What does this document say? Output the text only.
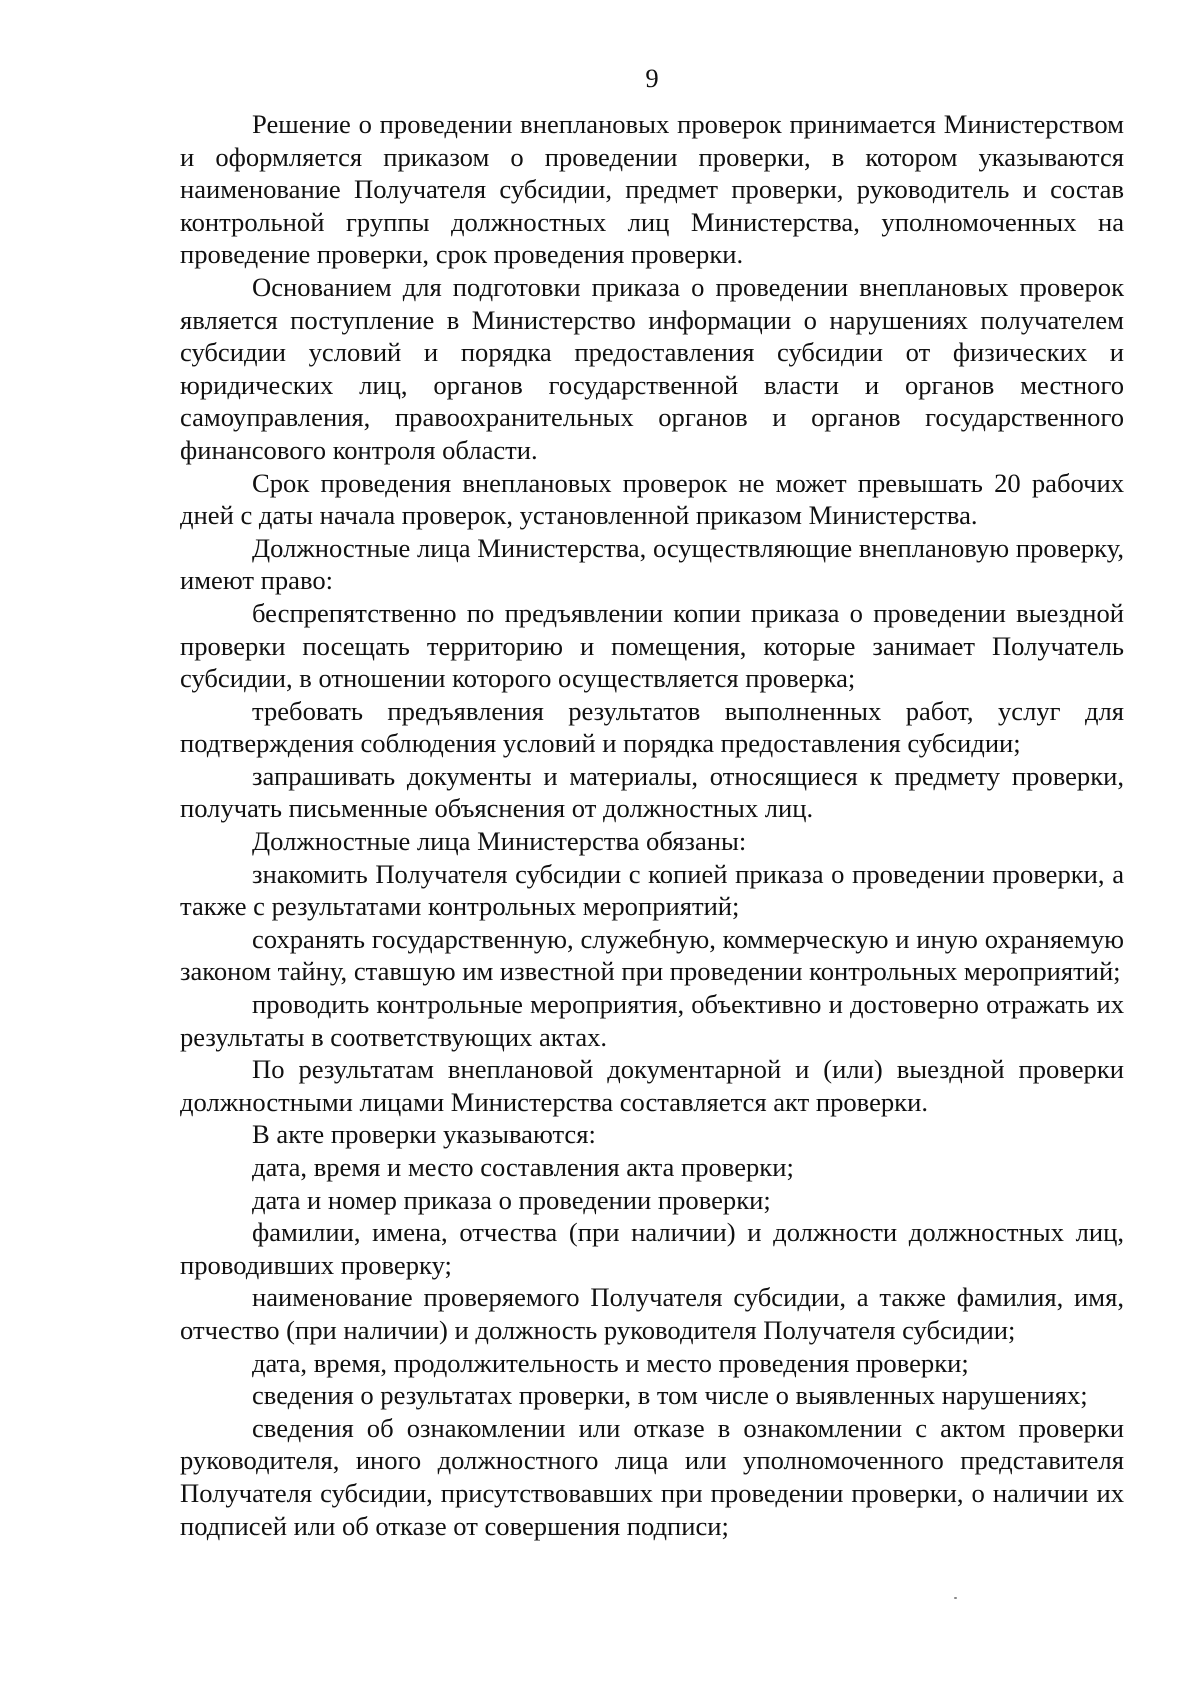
9

Решение о проведении внеплановых проверок принимается Министерством и оформляется приказом о проведении проверки, в котором указываются наименование Получателя субсидии, предмет проверки, руководитель и состав контрольной группы должностных лиц Министерства, уполномоченных на проведение проверки, срок проведения проверки.

Основанием для подготовки приказа о проведении внеплановых проверок является поступление в Министерство информации о нарушениях получателем субсидии условий и порядка предоставления субсидии от физических и юридических лиц, органов государственной власти и органов местного самоуправления, правоохранительных органов и органов государственного финансового контроля области.

Срок проведения внеплановых проверок не может превышать 20 рабочих дней с даты начала проверок, установленной приказом Министерства.

Должностные лица Министерства, осуществляющие внеплановую проверку, имеют право:

беспрепятственно по предъявлении копии приказа о проведении выездной проверки посещать территорию и помещения, которые занимает Получатель субсидии, в отношении которого осуществляется проверка;

требовать предъявления результатов выполненных работ, услуг для подтверждения соблюдения условий и порядка предоставления субсидии;

запрашивать документы и материалы, относящиеся к предмету проверки, получать письменные объяснения от должностных лиц.

Должностные лица Министерства обязаны:

знакомить Получателя субсидии с копией приказа о проведении проверки, а также с результатами контрольных мероприятий;

сохранять государственную, служебную, коммерческую и иную охраняемую законом тайну, ставшую им известной при проведении контрольных мероприятий;

проводить контрольные мероприятия, объективно и достоверно отражать их результаты в соответствующих актах.

По результатам внеплановой документарной и (или) выездной проверки должностными лицами Министерства составляется акт проверки.

В акте проверки указываются:

дата, время и место составления акта проверки;

дата и номер приказа о проведении проверки;

фамилии, имена, отчества (при наличии) и должности должностных лиц, проводивших проверку;

наименование проверяемого Получателя субсидии, а также фамилия, имя, отчество (при наличии) и должность руководителя Получателя субсидии;

дата, время, продолжительность и место проведения проверки;

сведения о результатах проверки, в том числе о выявленных нарушениях;

сведения об ознакомлении или отказе в ознакомлении с актом проверки руководителя, иного должностного лица или уполномоченного представителя Получателя субсидии, присутствовавших при проведении проверки, о наличии их подписей или об отказе от совершения подписи;
